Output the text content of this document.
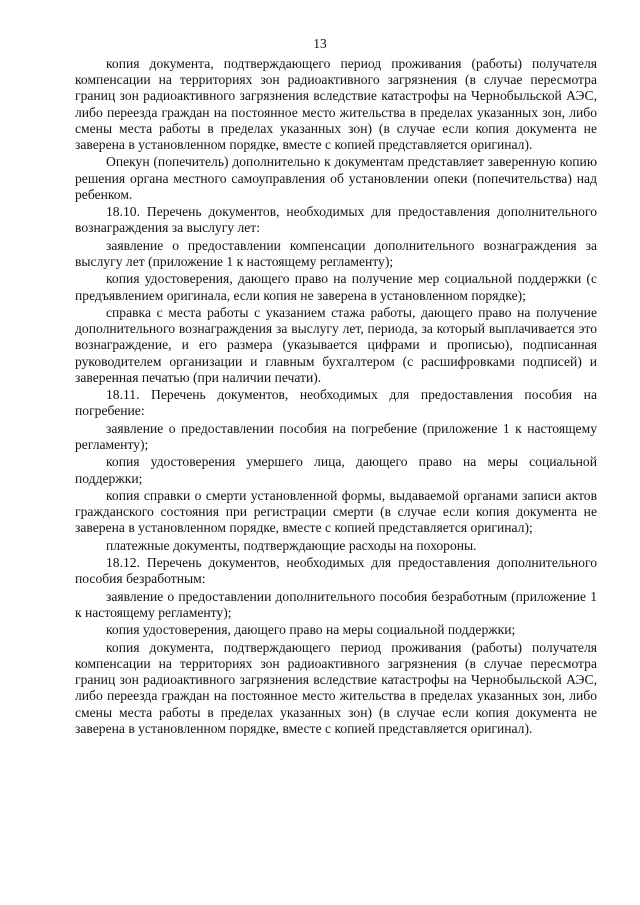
13

копия документа, подтверждающего период проживания (работы) получателя компенсации на территориях зон радиоактивного загрязнения (в случае пересмотра границ зон радиоактивного загрязнения вследствие катастрофы на Чернобыльской АЭС, либо переезда граждан на постоянное место жительства в пределах указанных зон, либо смены места работы в пределах указанных зон) (в случае если копия документа не заверена в установленном порядке, вместе с копией представляется оригинал).

Опекун (попечитель) дополнительно к документам представляет заверенную копию решения органа местного самоуправления об установлении опеки (попечительства) над ребенком.

18.10. Перечень документов, необходимых для предоставления дополнительного вознаграждения за выслугу лет:

заявление о предоставлении компенсации дополнительного вознаграждения за выслугу лет (приложение 1 к настоящему регламенту);

копия удостоверения, дающего право на получение мер социальной поддержки (с предъявлением оригинала, если копия не заверена в установленном порядке);

справка с места работы с указанием стажа работы, дающего право на получение дополнительного вознаграждения за выслугу лет, периода, за который выплачивается это вознаграждение, и его размера (указывается цифрами и прописью), подписанная руководителем организации и главным бухгалтером (с расшифровками подписей) и заверенная печатью (при наличии печати).

18.11. Перечень документов, необходимых для предоставления пособия на погребение:

заявление о предоставлении пособия на погребение (приложение 1 к настоящему регламенту);

копия удостоверения умершего лица, дающего право на меры социальной поддержки;

копия справки о смерти установленной формы, выдаваемой органами записи актов гражданского состояния при регистрации смерти (в случае если копия документа не заверена в установленном порядке, вместе с копией представляется оригинал);

платежные документы, подтверждающие расходы на похороны.

18.12. Перечень документов, необходимых для предоставления дополнительного пособия безработным:

заявление о предоставлении дополнительного пособия безработным (приложение 1 к настоящему регламенту);

копия удостоверения, дающего право на меры социальной поддержки;

копия документа, подтверждающего период проживания (работы) получателя компенсации на территориях зон радиоактивного загрязнения (в случае пересмотра границ зон радиоактивного загрязнения вследствие катастрофы на Чернобыльской АЭС, либо переезда граждан на постоянное место жительства в пределах указанных зон, либо смены места работы в пределах указанных зон) (в случае если копия документа не заверена в установленном порядке, вместе с копией представляется оригинал).
